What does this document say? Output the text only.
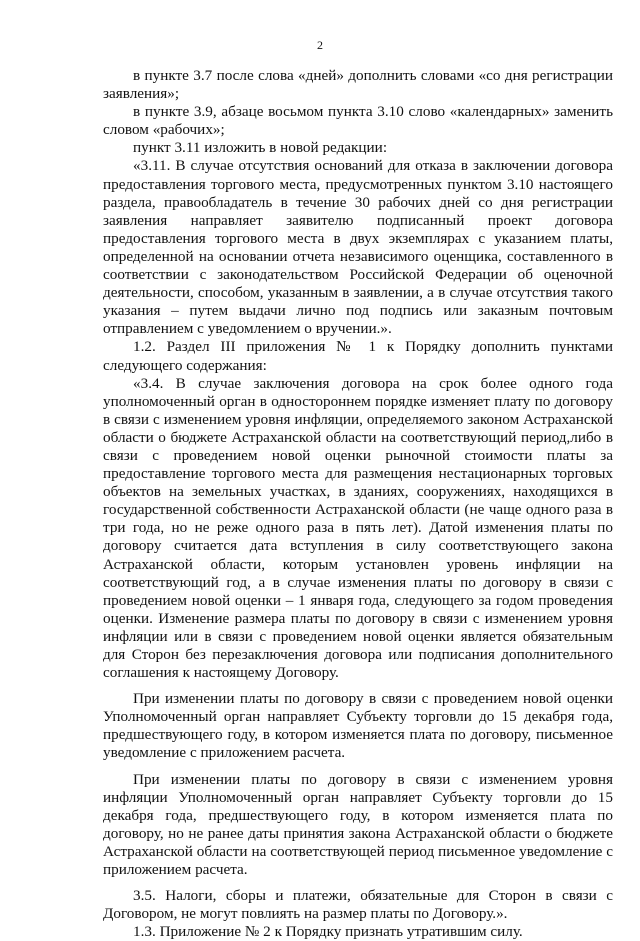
2

в пункте 3.7 после слова «дней» дополнить словами «со дня регистрации заявления»;

в пункте 3.9, абзаце восьмом пункта 3.10 слово «календарных» заменить словом «рабочих»;

пункт 3.11 изложить в новой редакции:

«3.11. В случае отсутствия оснований для отказа в заключении договора предоставления торгового места, предусмотренных пунктом 3.10 настоящего раздела, правообладатель в течение 30 рабочих дней со дня регистрации заявления направляет заявителю подписанный проект договора предоставления торгового места в двух экземплярах с указанием платы, определенной на основании отчета независимого оценщика, составленного в соответствии с законодательством Российской Федерации об оценочной деятельности, способом, указанным в заявлении, а в случае отсутствия такого указания – путем выдачи лично под подпись или заказным почтовым отправлением с уведомлением о вручении.».

1.2. Раздел III приложения № 1 к Порядку дополнить пунктами следующего содержания:

«3.4. В случае заключения договора на срок более одного года уполномоченный орган в одностороннем порядке изменяет плату по договору в связи с изменением уровня инфляции, определяемого законом Астраханской области о бюджете Астраханской области на соответствующий период,либо в связи с проведением новой оценки рыночной стоимости платы за предоставление торгового места для размещения нестационарных торговых объектов на земельных участках, в зданиях, сооружениях, находящихся в государственной собственности Астраханской области (не чаще одного раза в три года, но не реже одного раза в пять лет). Датой изменения платы по договору считается дата вступления в силу соответствующего закона Астраханской области, которым установлен уровень инфляции на соответствующий год, а в случае изменения платы по договору в связи с проведением новой оценки – 1 января года, следующего за годом проведения оценки. Изменение размера платы по договору в связи с изменением уровня инфляции или в связи с проведением новой оценки является обязательным для Сторон без перезаключения договора или подписания дополнительного соглашения к настоящему Договору.

При изменении платы по договору в связи с проведением новой оценки Уполномоченный орган направляет Субъекту торговли до 15 декабря года, предшествующего году, в котором изменяется плата по договору, письменное уведомление с приложением расчета.

При изменении платы по договору в связи с изменением уровня инфляции Уполномоченный орган направляет Субъекту торговли до 15 декабря года, предшествующего году, в котором изменяется плата по договору, но не ранее даты принятия закона Астраханской области о бюджете Астраханской области на соответствующей период письменное уведомление с приложением расчета.

3.5. Налоги, сборы и платежи, обязательные для Сторон в связи с Договором, не могут повлиять на размер платы по Договору.».

1.3. Приложение № 2 к Порядку признать утратившим силу.
